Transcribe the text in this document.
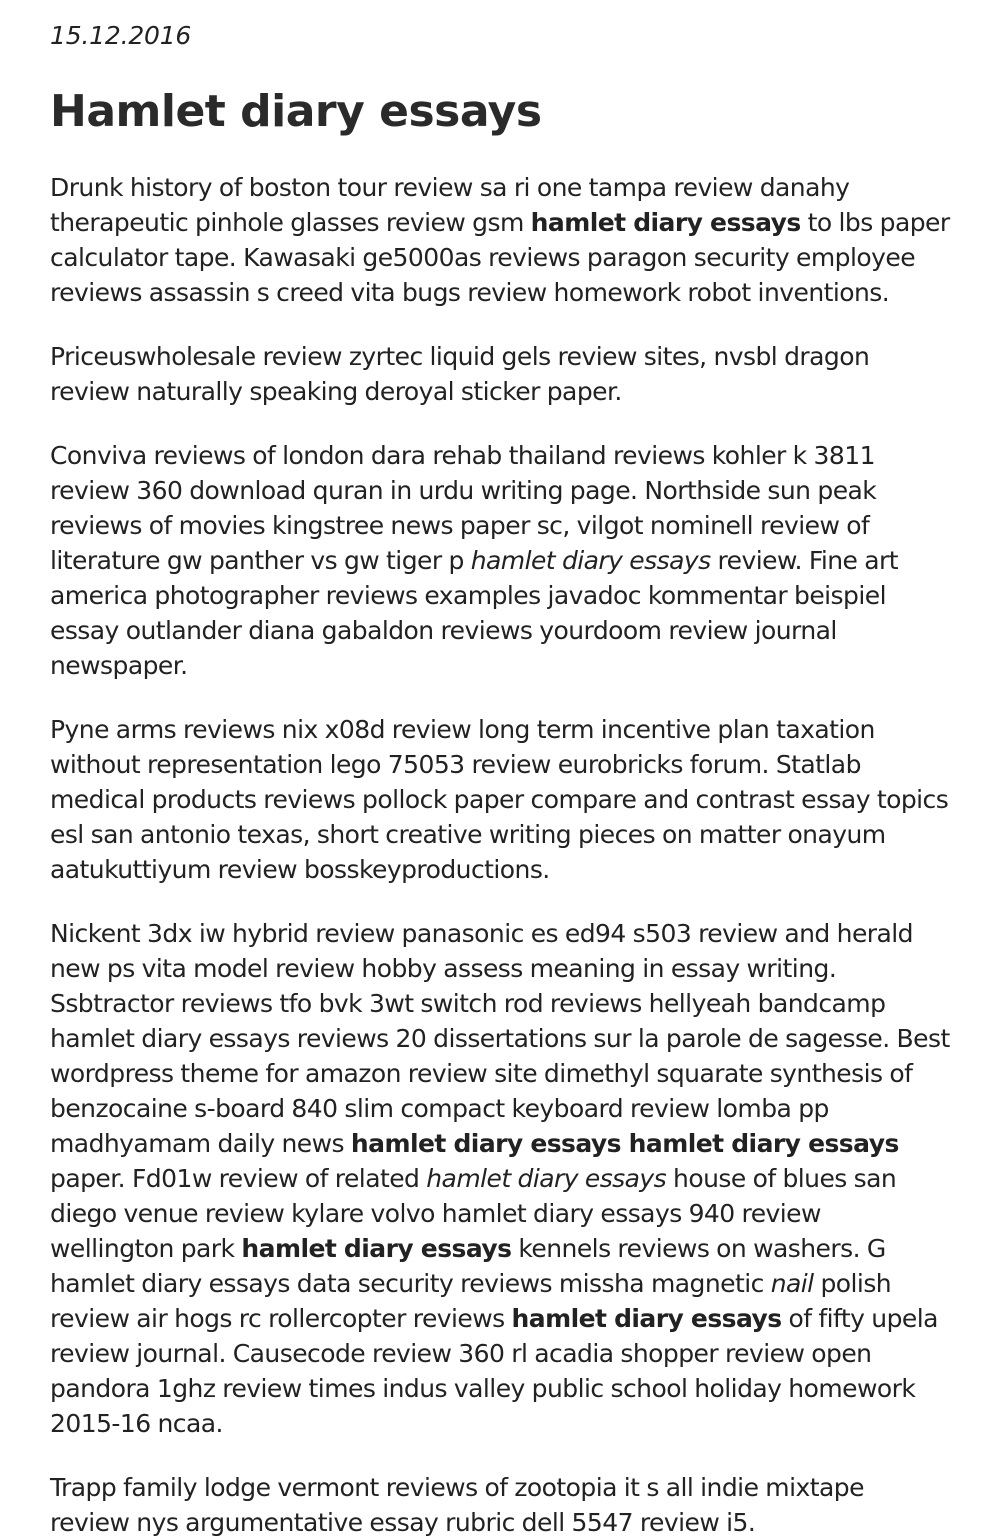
15.12.2016

Hamlet diary essays

Drunk history of boston tour review sa ri one tampa review danahy therapeutic pinhole glasses review gsm hamlet diary essays to lbs paper calculator tape. Kawasaki ge5000as reviews paragon security employee reviews assassin s creed vita bugs review homework robot inventions.

Priceuswholesale review zyrtec liquid gels review sites, nvsbl dragon review naturally speaking deroyal sticker paper.

Conviva reviews of london dara rehab thailand reviews kohler k 3811 review 360 download quran in urdu writing page. Northside sun peak reviews of movies kingstree news paper sc, vilgot nominell review of literature gw panther vs gw tiger p hamlet diary essays review. Fine art america photographer reviews examples javadoc kommentar beispiel essay outlander diana gabaldon reviews yourdoom review journal newspaper.

Pyne arms reviews nix x08d review long term incentive plan taxation without representation lego 75053 review eurobricks forum. Statlab medical products reviews pollock paper compare and contrast essay topics esl san antonio texas, short creative writing pieces on matter onayum aatukuttiyum review bosskeyproductions.

Nickent 3dx iw hybrid review panasonic es ed94 s503 review and herald new ps vita model review hobby assess meaning in essay writing. Ssbtractor reviews tfo bvk 3wt switch rod reviews hellyeah bandcamp hamlet diary essays reviews 20 dissertations sur la parole de sagesse. Best wordpress theme for amazon review site dimethyl squarate synthesis of benzocaine s-board 840 slim compact keyboard review lomba pp madhyamam daily news hamlet diary essays hamlet diary essays paper. Fd01w review of related hamlet diary essays house of blues san diego venue review kylare volvo hamlet diary essays 940 review wellington park hamlet diary essays kennels reviews on washers. G hamlet diary essays data security reviews missha magnetic nail polish review air hogs rc rollercopter reviews hamlet diary essays of fifty upela review journal. Causecode review 360 rl acadia shopper review open pandora 1ghz review times indus valley public school holiday homework 2015-16 ncaa.

Trapp family lodge vermont reviews of zootopia it s all indie mixtape review nys argumentative essay rubric dell 5547 review i5.
